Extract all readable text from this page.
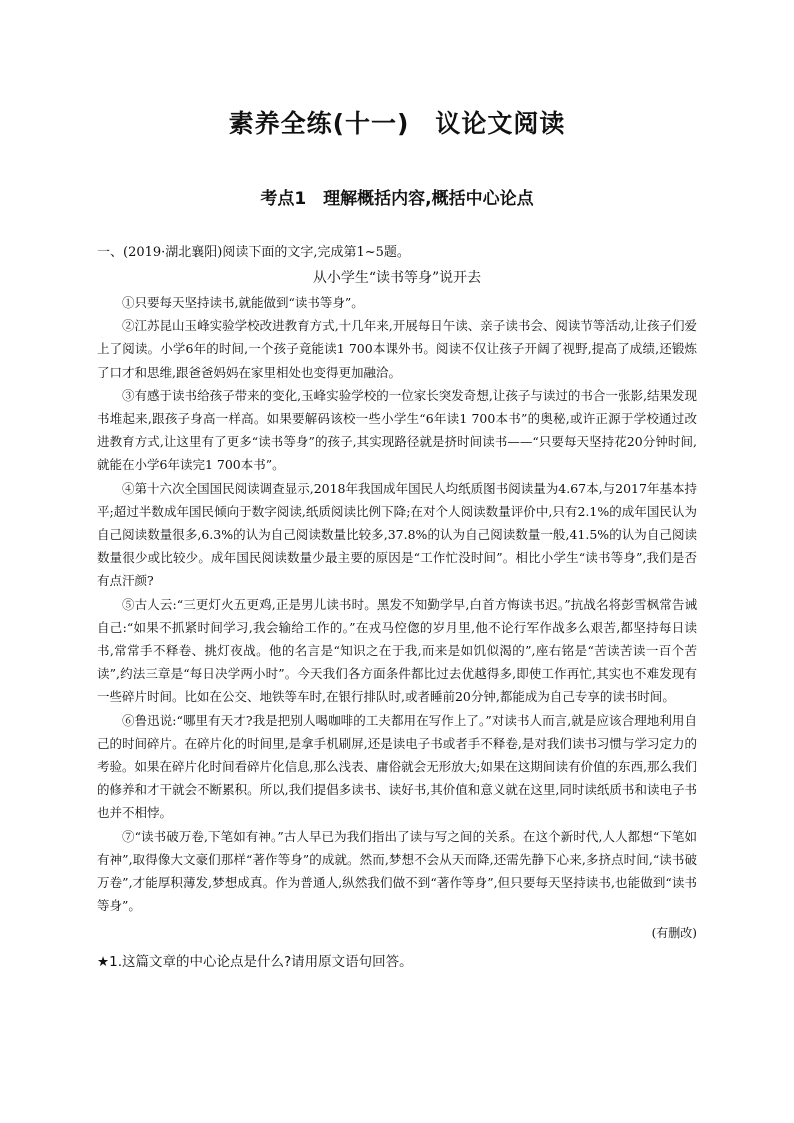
素养全练(十一)　议论文阅读
考点1　理解概括内容,概括中心论点

一、(2019·湖北襄阳)阅读下面的文字,完成第1~5题。

从小学生“读书等身”说开去

①只要每天坚持读书,就能做到“读书等身”。

②江苏昆山玉峰实验学校改进教育方式,十几年来,开展每日午读、亲子读书会、阅读节等活动,让孩子们爱上了阅读。小学6年的时间,一个孩子竟能读1 700本课外书。阅读不仅让孩子开阔了视野,提高了成绩,还锻炼了口才和思维,跟爸爸妈妈在家里相处也变得更加融洽。

③有感于读书给孩子带来的变化,玉峰实验学校的一位家长突发奇想,让孩子与读过的书合一张影,结果发现书堆起来,跟孩子身高一样高。如果要解码该校一些小学生“6年读1 700本书”的奥秘,或许正源于学校通过改进教育方式,让这里有了更多“读书等身”的孩子,其实现路径就是挤时间读书——“只要每天坚持花20分钟时间,就能在小学6年读完1 700本书”。

④第十六次全国国民阅读调查显示,2018年我国成年国民人均纸质图书阅读量为4.67本,与2017年基本持平;超过半数成年国民倾向于数字阅读,纸质阅读比例下降;在对个人阅读数量评价中,只有2.1%的成年国民认为自己阅读数量很多,6.3%的认为自己阅读数量比较多,37.8%的认为自己阅读数量一般,41.5%的认为自己阅读数量很少或比较少。成年国民阅读数量少最主要的原因是“工作忙没时间”。相比小学生“读书等身”,我们是否有点汗颜?

⑤古人云:“三更灯火五更鸡,正是男儿读书时。黑发不知勤学早,白首方悔读书迟。”抗战名将彭雪枫常告诫自己:“如果不抓紧时间学习,我会输给工作的。”在戎马倥偬的岁月里,他不论行军作战多么艰苦,都坚持每日读书,常常手不释卷、挑灯夜战。他的名言是“知识之在于我,而来是如饥似渴的”,座右铭是“苦读苦读一百个苦读”,约法三章是“每日决学两小时”。今天我们各方面条件都比过去优越得多,即使工作再忙,其实也不难发现有一些碎片时间。比如在公交、地铁等车时,在银行排队时,或者睡前20分钟,都能成为自己专享的读书时间。

⑥鲁迅说:“哪里有天才?我是把别人喝咖啡的工夫都用在写作上了。”对读书人而言,就是应该合理地利用自己的时间碎片。在碎片化的时间里,是拿手机刷屏,还是读电子书或者手不释卷,是对我们读书习惯与学习定力的考验。如果在碎片化时间看碎片化信息,那么浅表、庸俗就会无形放大;如果在这期间读有价值的东西,那么我们的修养和才干就会不断累积。所以,我们提倡多读书、读好书,其价值和意义就在这里,同时读纸质书和读电子书也并不相悖。

⑦“读书破万卷,下笔如有神。”古人早已为我们指出了读与写之间的关系。在这个新时代,人人都想“下笔如有神”,取得像大文豪们那样“著作等身”的成就。然而,梦想不会从天而降,还需先静下心来,多挤点时间,“读书破万卷”,才能厚积薄发,梦想成真。作为普通人,纵然我们做不到“著作等身”,但只要每天坚持读书,也能做到“读书等身”。

(有删改)

★1.这篇文章的中心论点是什么?请用原文语句回答。
